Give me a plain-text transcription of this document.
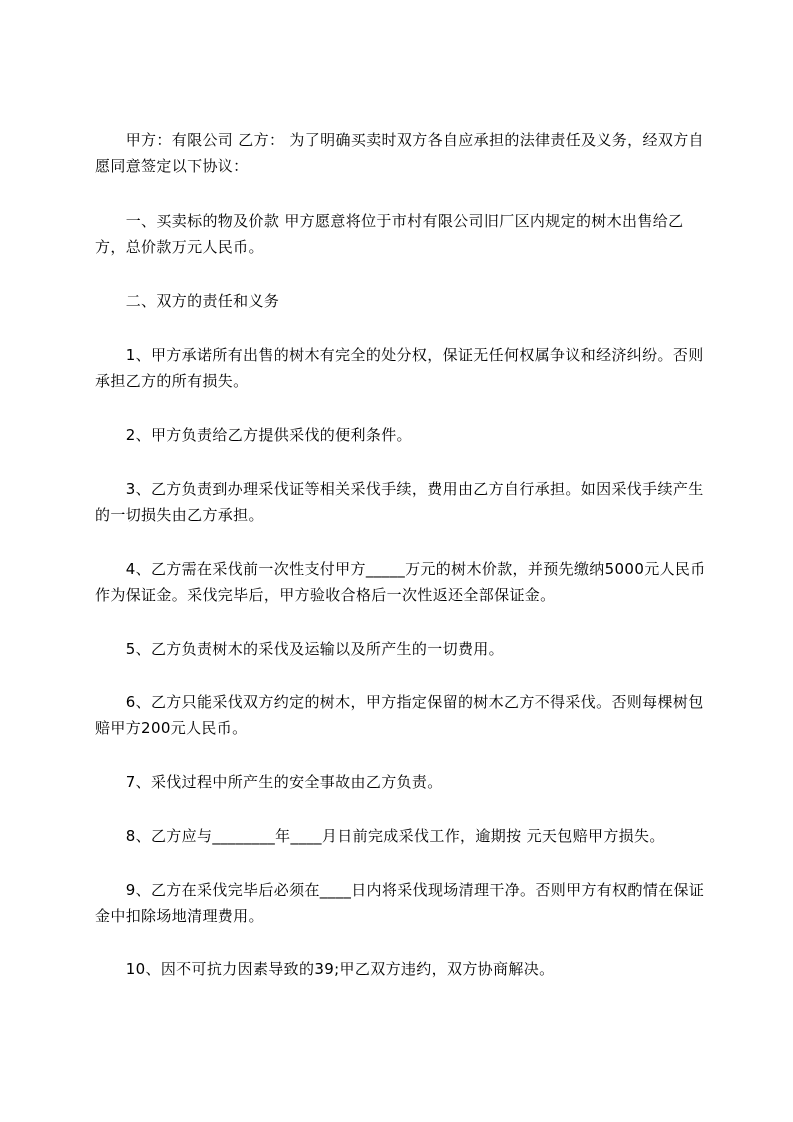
　　甲方：有限公司 乙方： 为了明确买卖时双方各自应承担的法律责任及义务，经双方自愿同意签定以下协议：

　　一、买卖标的物及价款 甲方愿意将位于市村有限公司旧厂区内规定的树木出售给乙方，总价款万元人民币。

　　二、双方的责任和义务

　　1、甲方承诺所有出售的树木有完全的处分权，保证无任何权属争议和经济纠纷。否则承担乙方的所有损失。

　　2、甲方负责给乙方提供采伐的便利条件。

　　3、乙方负责到办理采伐证等相关采伐手续，费用由乙方自行承担。如因采伐手续产生的一切损失由乙方承担。

　　4、乙方需在采伐前一次性支付甲方_____万元的树木价款，并预先缴纳5000元人民币作为保证金。采伐完毕后，甲方验收合格后一次性返还全部保证金。

　　5、乙方负责树木的采伐及运输以及所产生的一切费用。

　　6、乙方只能采伐双方约定的树木，甲方指定保留的树木乙方不得采伐。否则每棵树包赔甲方200元人民币。

　　7、采伐过程中所产生的安全事故由乙方负责。

　　8、乙方应与________年____月日前完成采伐工作，逾期按 元天包赔甲方损失。

　　9、乙方在采伐完毕后必须在____日内将采伐现场清理干净。否则甲方有权酌情在保证金中扣除场地清理费用。

　　10、因不可抗力因素导致的39;甲乙双方违约，双方协商解决。
